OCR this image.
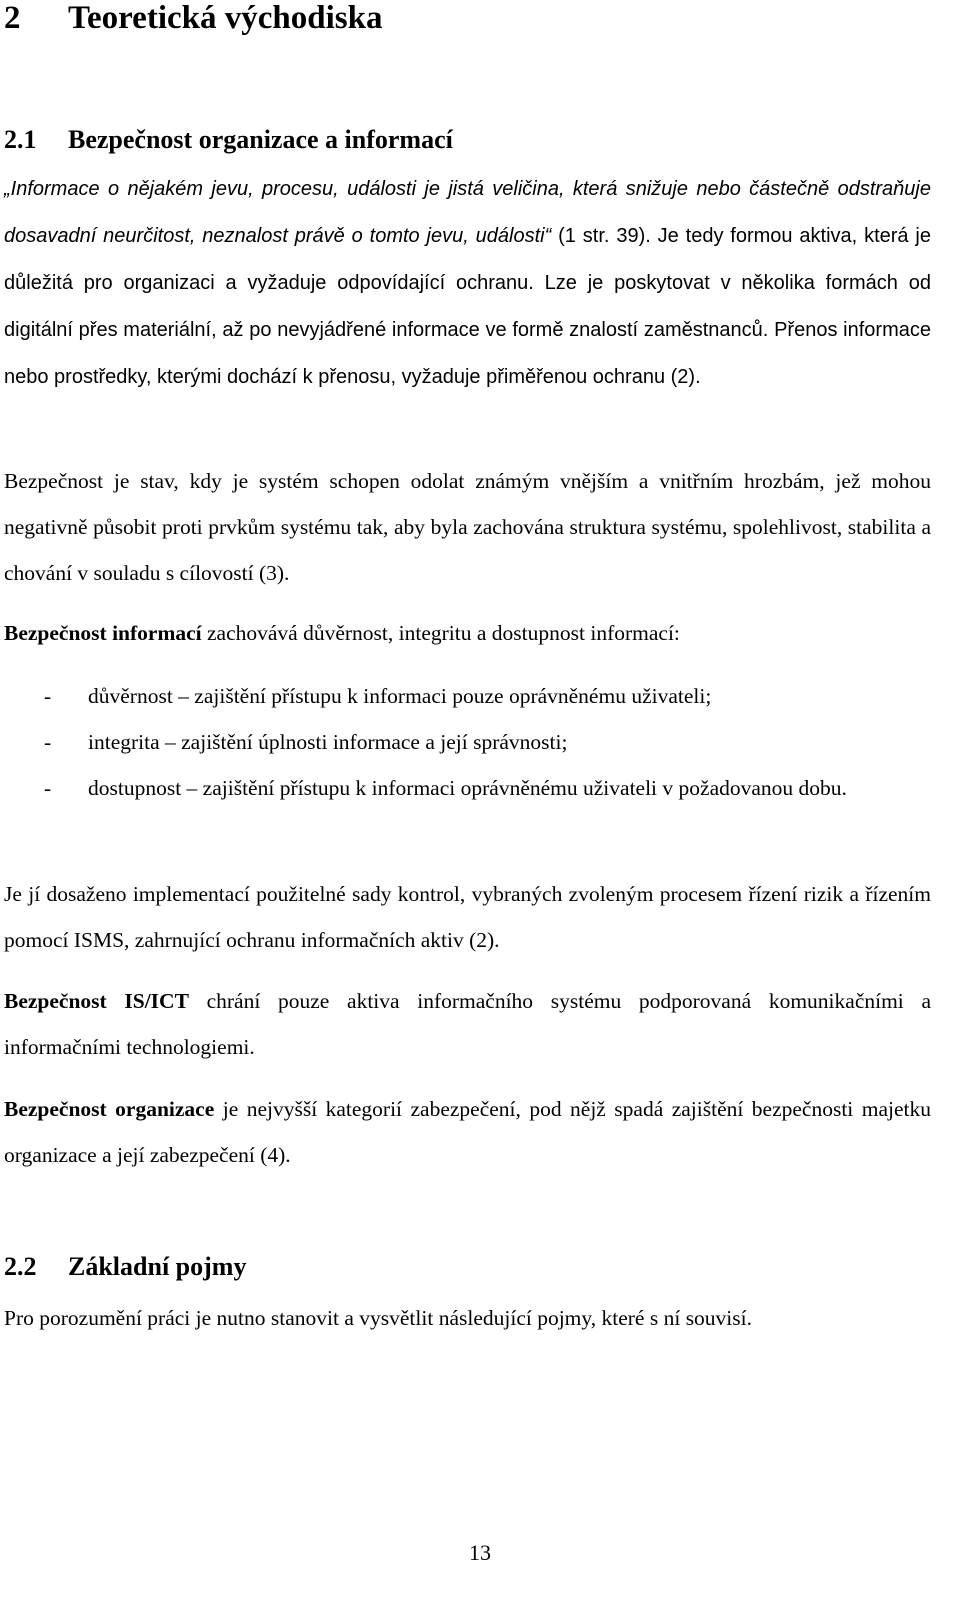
2 Teoretická východiska
2.1 Bezpečnost organizace a informací

„Informace o nějakém jevu, procesu, události je jistá veličina, která snižuje nebo částečně odstraňuje dosavadní neurčitost, neznalost právě o tomto jevu, události“ (1 str. 39). Je tedy formou aktiva, která je důležitá pro organizaci a vyžaduje odpovídající ochranu. Lze je poskytovat v několika formách od digitální přes materiální, až po nevyjádřené informace ve formě znalostí zaměstnanců. Přenos informace nebo prostředky, kterými dochází k přenosu, vyžaduje přiměřenou ochranu (2).

Bezpečnost je stav, kdy je systém schopen odolat známým vnějším a vnitřním hrozbám, jež mohou negativně působit proti prvkům systému tak, aby byla zachována struktura systému, spolehlivost, stabilita a chování v souladu s cílovostí (3).

Bezpečnost informací zachovává důvěrnost, integritu a dostupnost informací:

- důvěrnost – zajištění přístupu k informaci pouze oprávněnému uživateli;
- integrita – zajištění úplnosti informace a její správnosti;
- dostupnost – zajištění přístupu k informaci oprávněnému uživateli v požadovanou dobu.

Je jí dosaženo implementací použitelné sady kontrol, vybraných zvoleným procesem řízení rizik a řízením pomocí ISMS, zahrnující ochranu informačních aktiv (2).

Bezpečnost IS/ICT chrání pouze aktiva informačního systému podporovaná komunikačními a informačními technologiemi.

Bezpečnost organizace je nejvyšší kategorií zabezpečení, pod nějž spadá zajištění bezpečnosti majetku organizace a její zabezpečení (4).

2.2 Základní pojmy

Pro porozumění práci je nutno stanovit a vysvětlit následující pojmy, které s ní souvisí.

13
